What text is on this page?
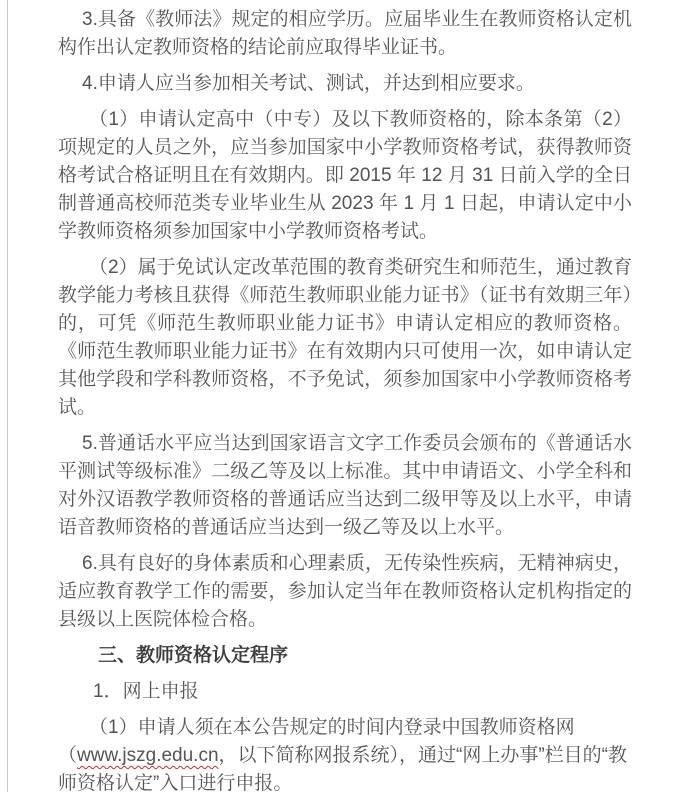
3.具备《教师法》规定的相应学历。应届毕业生在教师资格认定机构作出认定教师资格的结论前应取得毕业证书。

4.申请人应当参加相关考试、测试，并达到相应要求。

（1）申请认定高中（中专）及以下教师资格的，除本条第（2）项规定的人员之外，应当参加国家中小学教师资格考试，获得教师资格考试合格证明且在有效期内。即 2015 年 12 月 31 日前入学的全日制普通高校师范类专业毕业生从 2023 年 1 月 1 日起，申请认定中小学教师资格须参加国家中小学教师资格考试。

（2）属于免试认定改革范围的教育类研究生和师范生，通过教育教学能力考核且获得《师范生教师职业能力证书》（证书有效期三年）的，可凭《师范生教师职业能力证书》申请认定相应的教师资格。《师范生教师职业能力证书》在有效期内只可使用一次，如申请认定其他学段和学科教师资格，不予免试，须参加国家中小学教师资格考试。

5.普通话水平应当达到国家语言文字工作委员会颁布的《普通话水平测试等级标准》二级乙等及以上标准。其中申请语文、小学全科和对外汉语教学教师资格的普通话应当达到二级甲等及以上水平，申请语音教师资格的普通话应当达到一级乙等及以上水平。

6.具有良好的身体素质和心理素质，无传染性疾病，无精神病史，适应教育教学工作的需要，参加认定当年在教师资格认定机构指定的县级以上医院体检合格。

三、教师资格认定程序

1．网上申报

（1）申请人须在本公告规定的时间内登录中国教师资格网（www.jszg.edu.cn，以下简称网报系统），通过“网上办事”栏目的“教师资格认定”入口进行申报。
